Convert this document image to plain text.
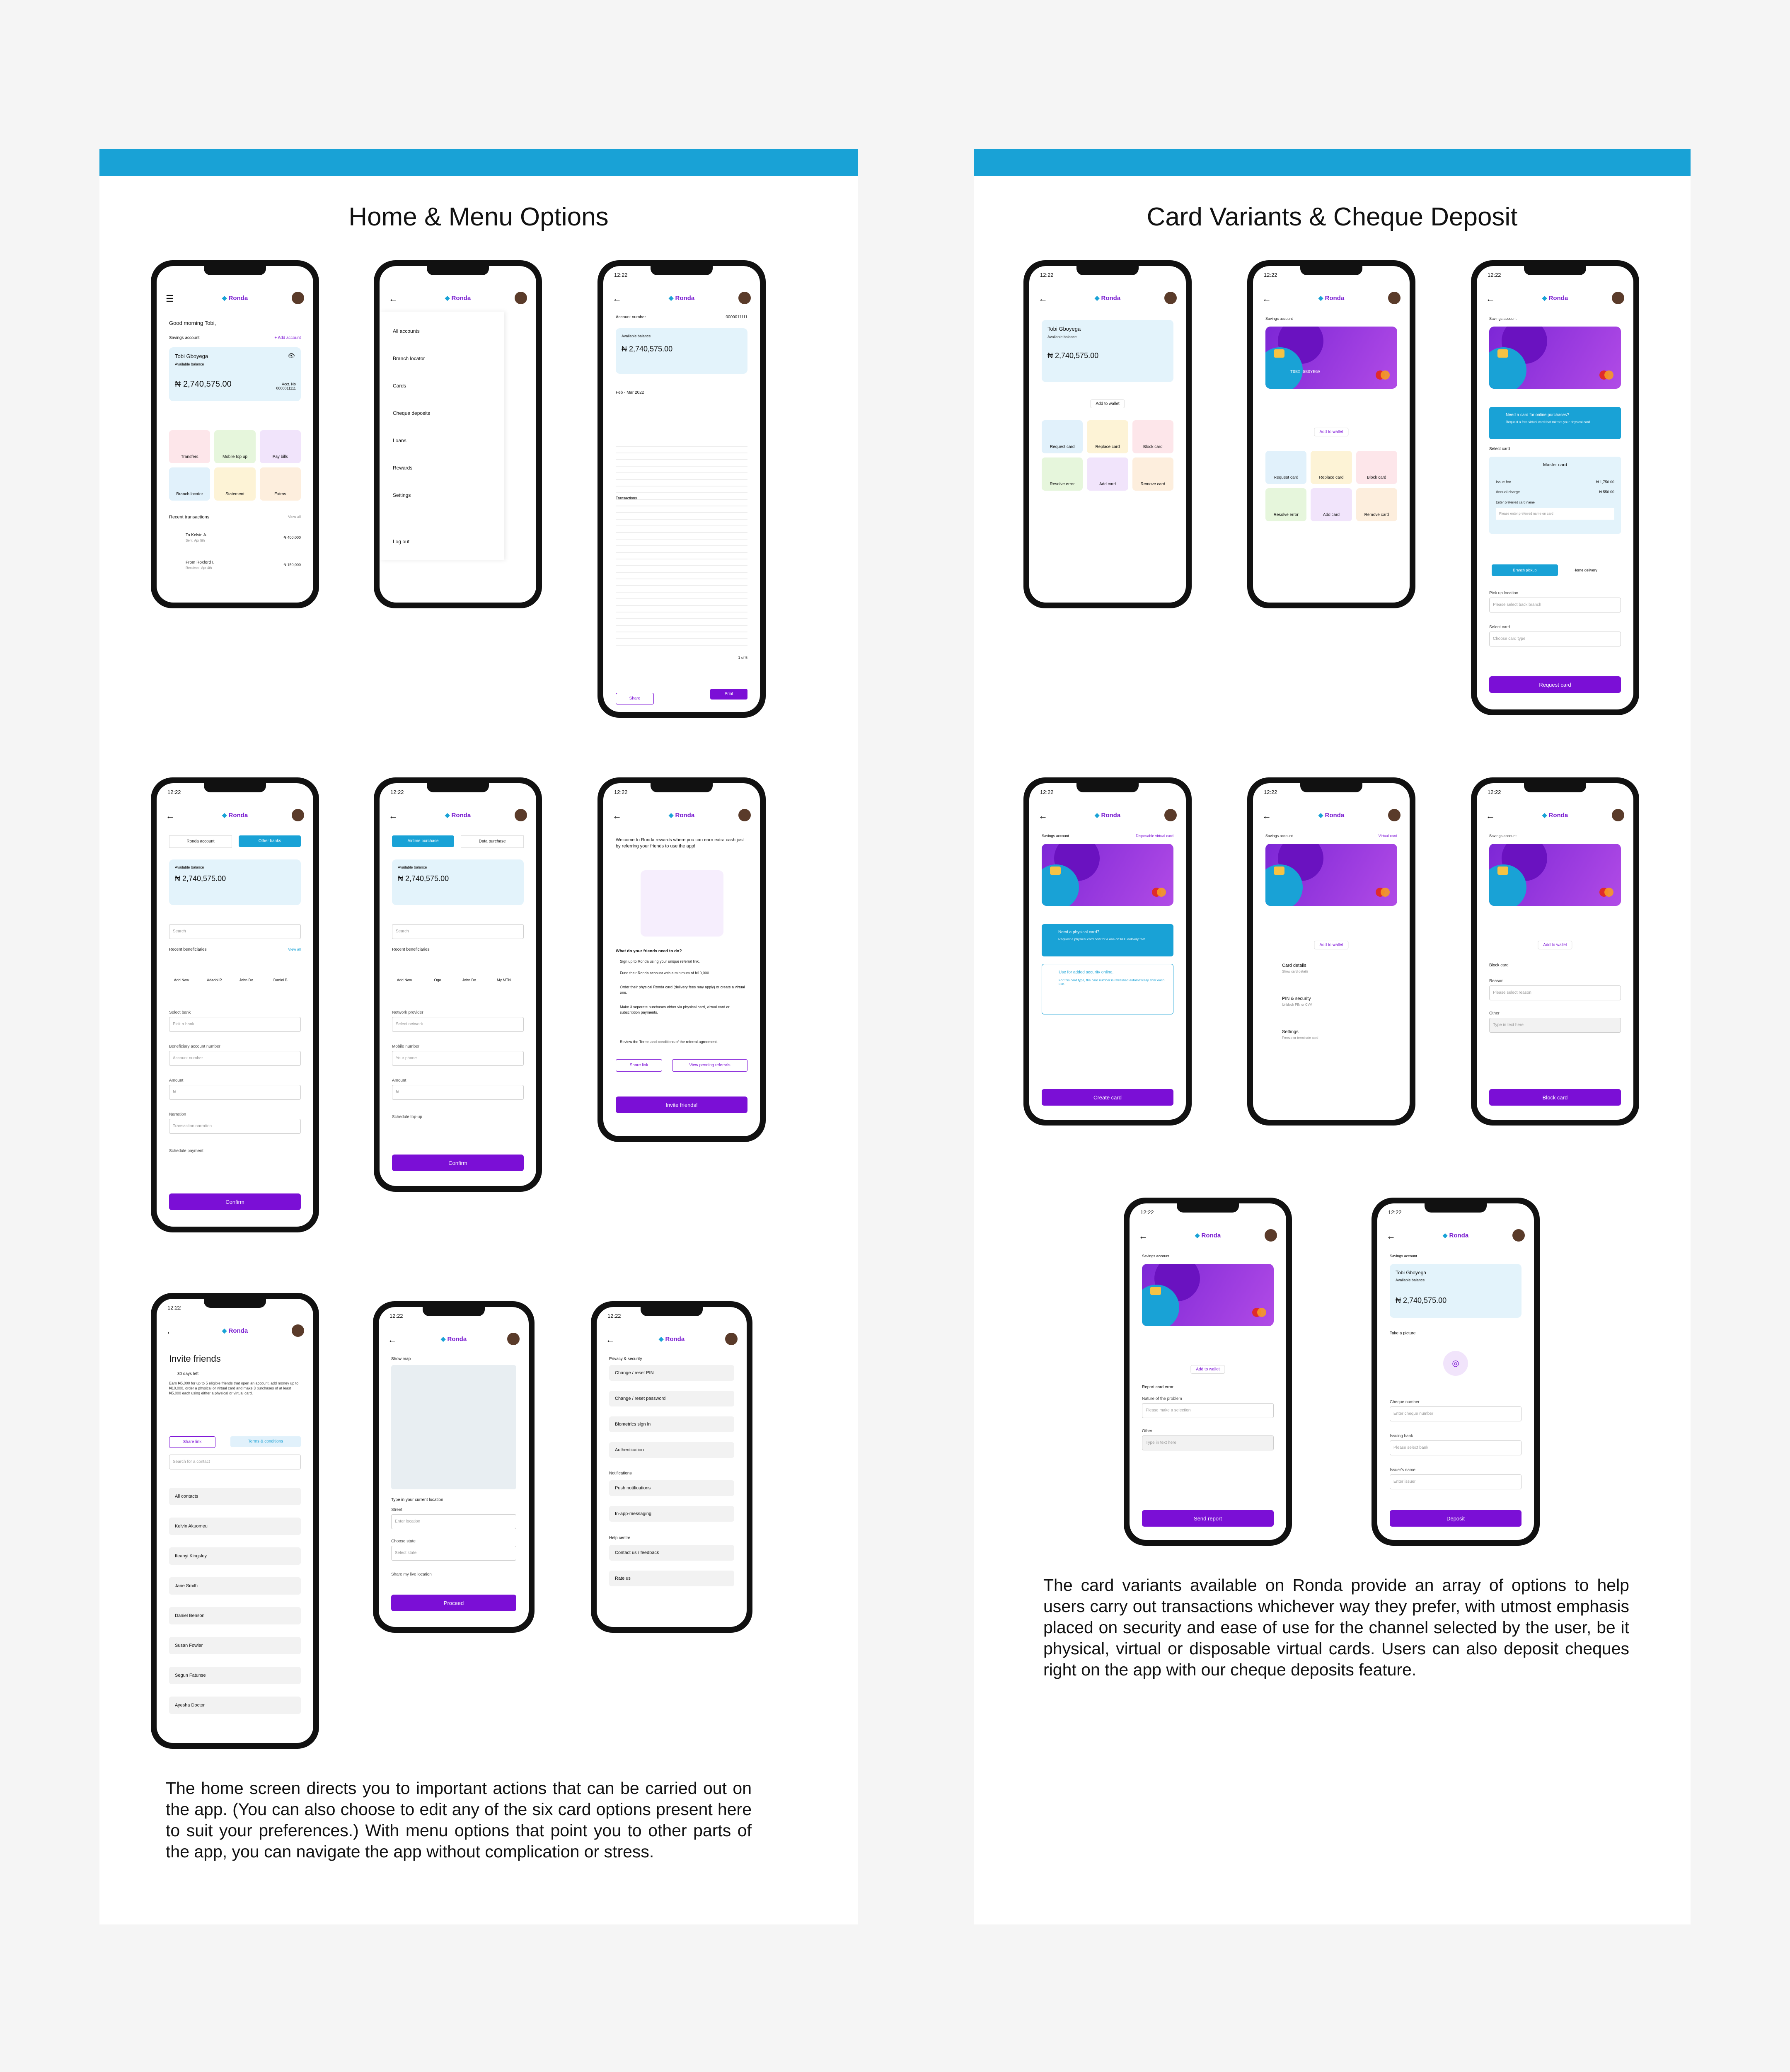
Home & Menu Options
The home screen directs you to important actions that can be carried out on the app. (You can also choose to edit any of the six card options present here to suit your preferences.) With menu options that point you to other parts of the app, you can navigate the app without complication or stress.
Card Variants & Cheque Deposit
The card variants available on Ronda provide an array of options to help users carry out transactions whichever way they prefer, with utmost emphasis placed on security and ease of use for the channel selected by the user, be it physical, virtual or disposable virtual cards. Users can also deposit cheques right on the app with our cheque deposits feature.
☰	◆ Ronda
Good morning Tobi,
Savings account	+ Add account
Tobi Gboyega
Available balance
₦ 2,740,575.00	Acct. No 0000011111
👁
Transfers	Mobile top up	Pay bills
Branch locator	Statement	Extras
Recent transactions	View all
To Kelvin A.
Sent, Apr 5th
₦ 400,000
From Roxford I.
Received, Apr 4th
₦ 150,000
←	◆ Ronda
All accounts
Branch locator
Cards
Cheque deposits
Loans
Rewards
Settings
Log out
12:22
←	◆ Ronda
Account number	0000011111
Available balance
₦ 2,740,575.00
Feb - Mar 2022
Transactions
1 of 5
Share
Print
12:22
←	◆ Ronda
Ronda account	Other banks
Available balance
₦ 2,740,575.00
Search
Recent beneficiaries	View all
Add New	Adaobi P.	John Do...	Daniel B.
Select bank
Pick a bank
Beneficiary account number
Account number
Amount
₦
Narration
Transaction narration
Schedule payment
Confirm
12:22
←	◆ Ronda
Airtime purchase	Data purchase
Available balance
₦ 2,740,575.00
Search
Recent beneficiaries
Add New	Ogo	John Do...	My MTN
Network provider
Select network
Mobile number
Your phone
Amount
₦
Schedule top-up
Confirm
12:22
←	◆ Ronda
Welcome to Ronda rewards where you can earn extra cash just by referring your friends to use the app!
What do your friends need to do?
Sign up to Ronda using your unique referral link.
Fund their Ronda account with a minimum of ₦10,000.
Order their physical Ronda card (delivery fees may apply) or create a virtual one.
Make 3 seperate purchases either via physical card, virtual card or subscription payments.
Review the Terms and conditions of the referral agreement.
Share link	View pending referrals
Invite friends!
12:22
←	◆ Ronda
Invite friends
30 days left
Earn ₦5,000 for up to 5 eligible friends that open an account, add money up to ₦10,000, order a physical or virtual card and make 3 purchases of at least ₦5,000 each using either a physical or virtual card.
Share link	Terms & conditions
Search for a contact
All contacts
Kelvin Akuomeu
Ifeanyi Kingsley
Jane Smith
Daniel Benson
Susan Fowler
Segun Fatunse
Ayesha Doctor
12:22
←	◆ Ronda
Show map
Type in your current location
Street
Enter location
Choose state
Select state
Share my live location
Proceed
12:22
←	◆ Ronda
Privacy & security
Change / reset PIN
Change / reset password
Biometrics sign in
Authentication
Notifications
Push notifications
In-app-messaging
Help centre
Contact us / feedback
Rate us
12:22
←	◆ Ronda
Tobi Gboyega
Available balance
₦ 2,740,575.00
Add to wallet
Request card	Replace card	Block card
Resolve error	Add card	Remove card
12:22
←	◆ Ronda
Savings account
TOBI GBOYEGA
Add to wallet
Request card	Replace card	Block card
Resolve error	Add card	Remove card
12:22
←	◆ Ronda
Savings account
Need a card for online purchases?
Request a free virtual card that mirrors your physical card
Select card
Master card
Issue fee	₦ 1,750.00
Annual charge	₦ 550.00
Enter preferred card name
Please enter preferred name on card
Branch pickup	Home delivery
Pick up location
Please select back branch
Select card
Choose card type
Request card
12:22
←	◆ Ronda
Savings account	Disposable virtual card
Need a physical card?
Request a physical card now for a one-off ₦00 delivery fee!
Use for added security online.
For this card type, the card number is refreshed automatically after each use.
Create card
12:22
←	◆ Ronda
Savings account	Virtual card
Add to wallet
Card details
Show card details
PIN & security
Unblock PIN or CVV
Settings
Freeze or terminate card
12:22
←	◆ Ronda
Savings account
Add to wallet
Block card
Reason
Please select reason
Other
Type in text here
Block card
12:22
←	◆ Ronda
Savings account
Add to wallet
Report card error
Nature of the problem
Please make a selection
Other
Type in text here
Send report
12:22
←	◆ Ronda
Savings account
Tobi Gboyega
Available balance
₦ 2,740,575.00
Take a picture
◎
Cheque number
Enter cheque number
Issuing bank
Please select bank
Issuer's name
Enter issuer
Deposit
